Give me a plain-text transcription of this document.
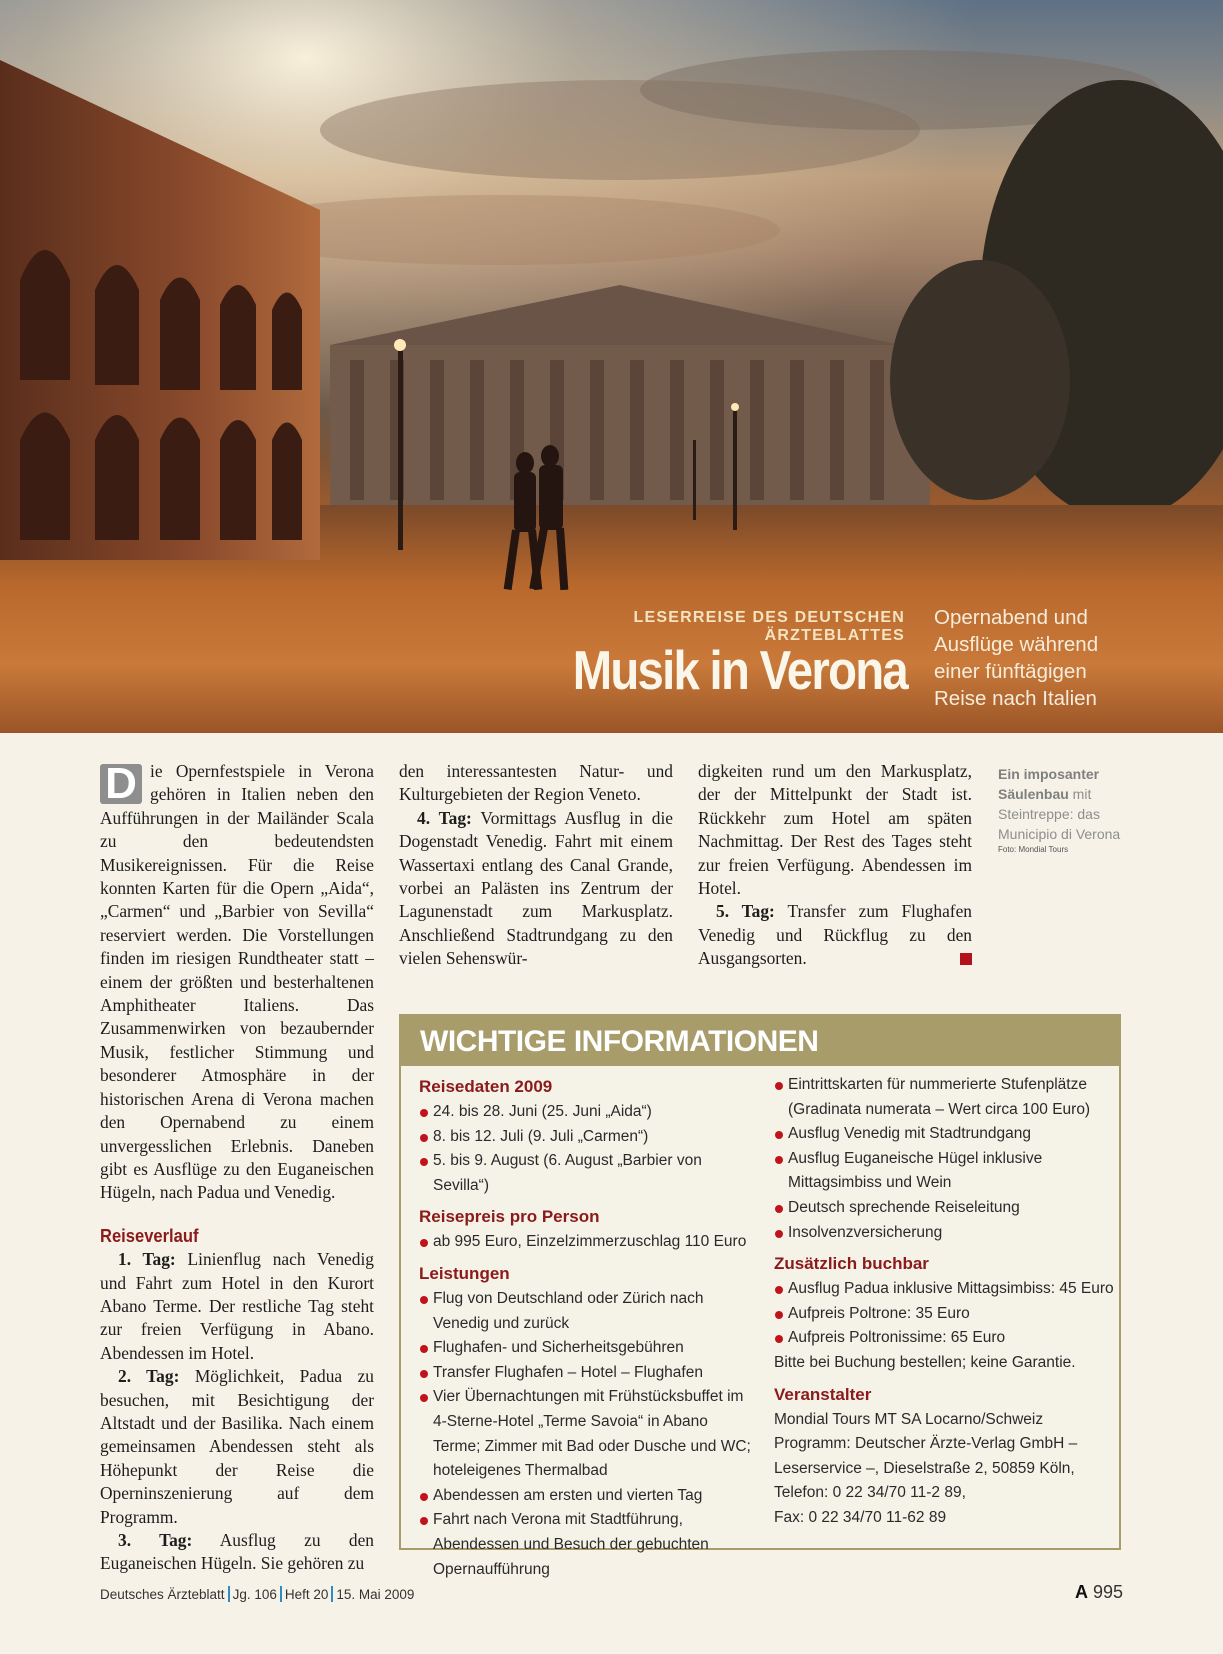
LESERREISE DES DEUTSCHEN ÄRZTEBLATTES
Musik in Verona
Opernabend und
Ausflüge während
einer fünftägigen
Reise nach Italien

D ie Opernfestspiele in Verona gehören in Italien neben den Aufführungen in der Mailänder Scala zu den bedeutendsten Musikereignissen. Für die Reise konnten Karten für die Opern „Aida“, „Carmen“ und „Barbier von Sevilla“ reserviert werden. Die Vorstellungen finden im riesigen Rundtheater statt – einem der größten und besterhaltenen Amphitheater Italiens. Das Zusammenwirken von bezaubernder Musik, festlicher Stimmung und besonderer Atmosphäre in der historischen Arena di Verona machen den Opernabend zu einem unvergesslichen Erlebnis. Daneben gibt es Ausflüge zu den Euganeischen Hügeln, nach Padua und Venedig.

Reiseverlauf

1. Tag: Linienflug nach Venedig und Fahrt zum Hotel in den Kurort Abano Terme. Der restliche Tag steht zur freien Verfügung in Abano. Abendessen im Hotel.

2. Tag: Möglichkeit, Padua zu besuchen, mit Besichtigung der Altstadt und der Basilika. Nach einem gemeinsamen Abendessen steht als Höhepunkt der Reise die Operninszenierung auf dem Programm.

3. Tag: Ausflug zu den Euganeischen Hügeln. Sie gehören zu

den interessantesten Natur- und Kulturgebieten der Region Veneto.

4. Tag: Vormittags Ausflug in die Dogenstadt Venedig. Fahrt mit einem Wassertaxi entlang des Canal Grande, vorbei an Palästen ins Zentrum der Lagunenstadt zum Markusplatz. Anschließend Stadtrundgang zu den vielen Sehenswür-

digkeiten rund um den Markusplatz, der der Mittelpunkt der Stadt ist. Rückkehr zum Hotel am späten Nachmittag. Der Rest des Tages steht zur freien Verfügung. Abendessen im Hotel.

5. Tag: Transfer zum Flughafen Venedig und Rückflug zu den Ausgangsorten.

Ein imposanter Säulenbau mit Steintreppe: das Municipio di Verona
Foto: Mondial Tours
WICHTIGE INFORMATIONEN
Reisedaten 2009
24. bis 28. Juni (25. Juni „Aida“)
8. bis 12. Juli (9. Juli „Carmen“)
5. bis 9. August (6. August „Barbier von Sevilla“)
Reisepreis pro Person
ab 995 Euro, Einzelzimmerzuschlag 110 Euro
Leistungen
Flug von Deutschland oder Zürich nach Venedig und zurück
Flughafen- und Sicherheitsgebühren
Transfer Flughafen – Hotel – Flughafen
Vier Übernachtungen mit Frühstücksbuffet im 4-Sterne-Hotel „Terme Savoia“ in Abano Terme; Zimmer mit Bad oder Dusche und WC; hoteleigenes Thermalbad
Abendessen am ersten und vierten Tag
Fahrt nach Verona mit Stadtführung, Abendessen und Besuch der gebuchten Opernaufführung
Eintrittskarten für nummerierte Stufenplätze (Gradinata numerata – Wert circa 100 Euro)
Ausflug Venedig mit Stadtrundgang
Ausflug Euganeische Hügel inklusive Mittagsimbiss und Wein
Deutsch sprechende Reiseleitung
Insolvenzversicherung
Zusätzlich buchbar
Ausflug Padua inklusive Mittagsimbiss: 45 Euro
Aufpreis Poltrone: 35 Euro
Aufpreis Poltronissime: 65 Euro

Bitte bei Buchung bestellen; keine Garantie.

Veranstalter

Mondial Tours MT SA Locarno/Schweiz

Programm: Deutscher Ärzte-Verlag GmbH –

Leserservice –, Dieselstraße 2, 50859 Köln,

Telefon: 0 22 34/70 11-2 89,

Fax: 0 22 34/70 11-62 89

Deutsches Ärzteblatt Jg. 106 Heft 20 15. Mai 2009	A 995
